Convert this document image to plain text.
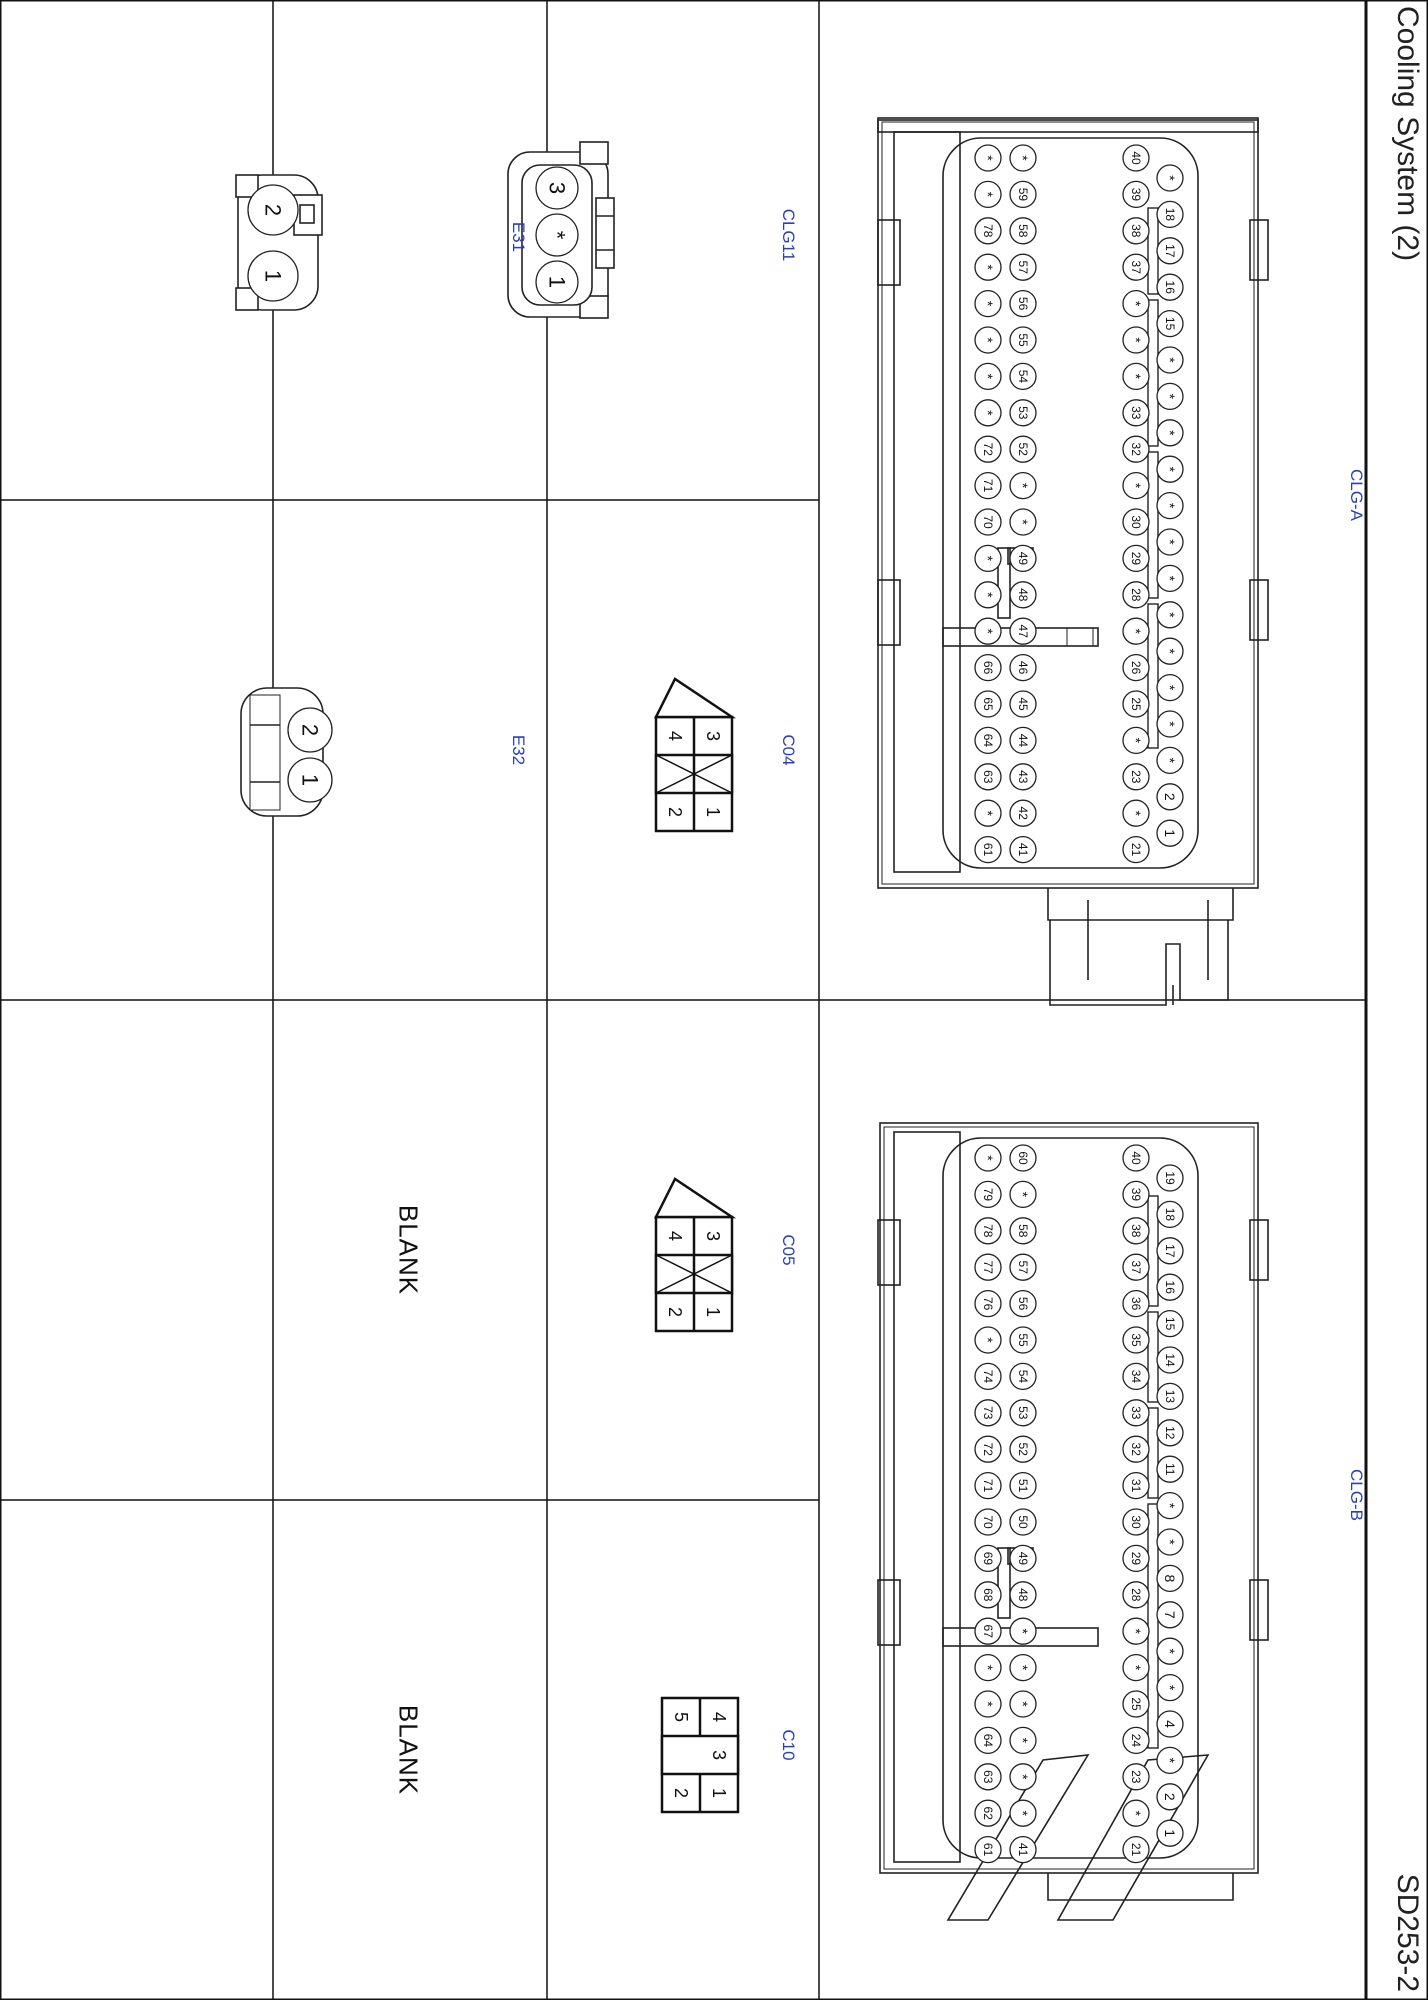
1
2
*
*
*
*
*
*
*
*
*
*
*
*
15
16
17
18
*
21
*
23
*
25
26
*
28
29
30
*
32
33
*
*
*
37
38
39
40
41
42
43
44
45
46
47
48
49
*
*
52
53
54
55
56
57
58
59
*
61
*
63
64
65
66
*
*
*
70
71
72
*
*
*
*
*
78
*
*
1
2
*
4
*
*
7
8
*
*
11
12
13
14
15
16
17
18
19
21
*
23
24
25
*
*
28
29
30
31
32
33
34
35
36
37
38
39
40
41
*
*
*
*
*
*
48
49
50
51
52
53
54
55
56
57
58
*
60
61
62
63
64
*
*
67
68
69
70
71
72
73
74
*
76
77
78
79
*
1
*
3
1
2
1
2	3
1
4
2
3
1
4
2
4
1
3
5
2
Cooling System (2)
SD253-2
CLG-A
CLG-B
CLG11
C04
C05
C10
E31
E32
BLANK
BLANK
